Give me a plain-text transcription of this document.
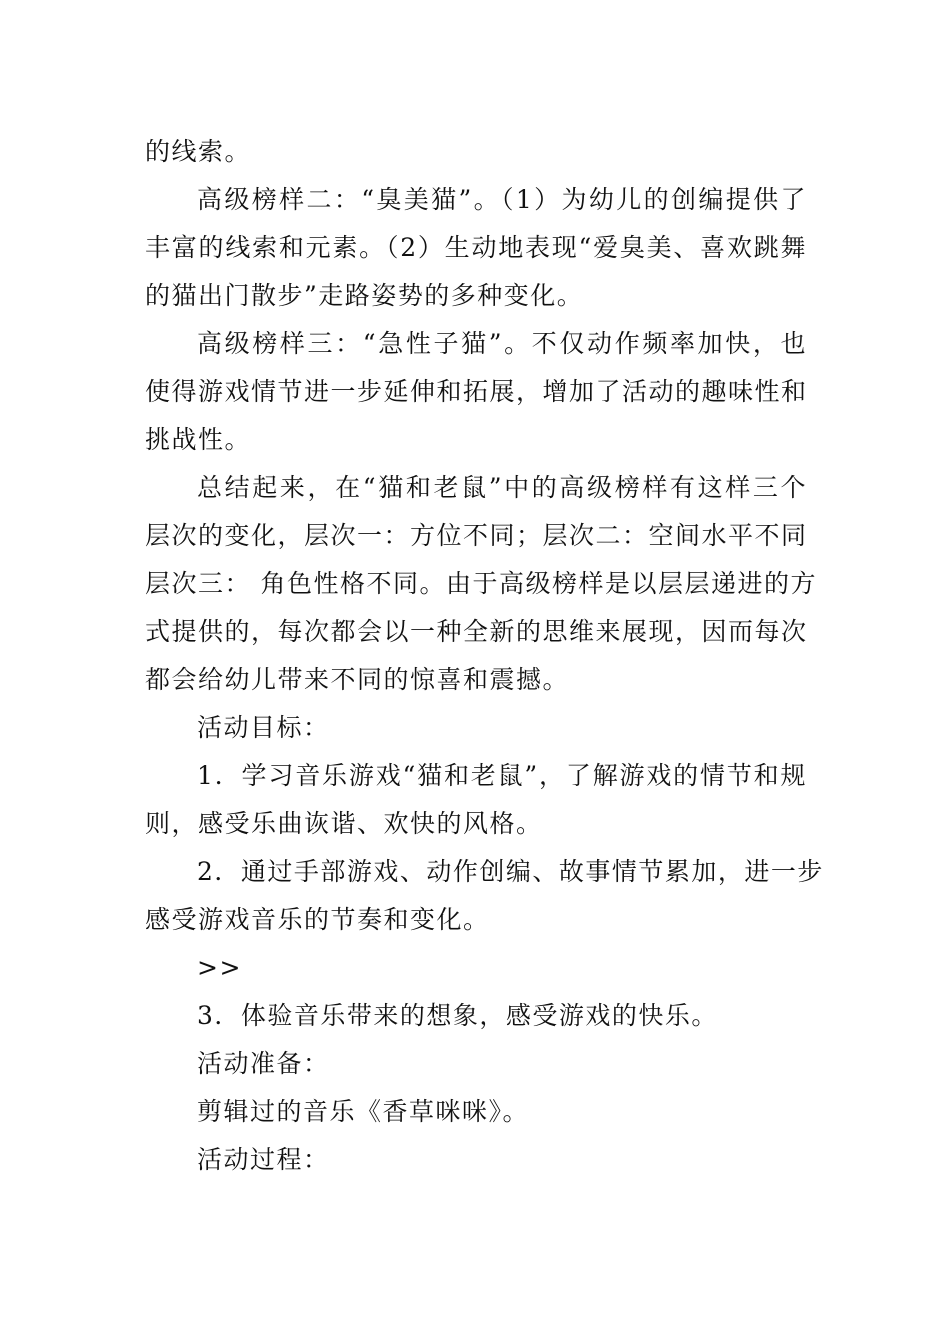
的线索。
高级榜样二：“臭美猫”。（1）为幼儿的创编提供了
丰富的线索和元素。（2）生动地表现“爱臭美、喜欢跳舞
的猫出门散步”走路姿势的多种变化。
高级榜样三：“急性子猫”。不仅动作频率加快，也
使得游戏情节进一步延伸和拓展，增加了活动的趣味性和
挑战性。
总结起来，在“猫和老鼠”中的高级榜样有这样三个
层次的变化，层次一：方位不同；层次二：空间水平不同
层次三： 角色性格不同。由于高级榜样是以层层递进的方
式提供的，每次都会以一种全新的思维来展现，因而每次
都会给幼儿带来不同的惊喜和震撼。
活动目标：
1．学习音乐游戏“猫和老鼠”，了解游戏的情节和规
则，感受乐曲诙谐、欢快的风格。
2．通过手部游戏、动作创编、故事情节累加，进一步
感受游戏音乐的节奏和变化。
>>
3．体验音乐带来的想象，感受游戏的快乐。
活动准备：
剪辑过的音乐《香草咪咪》。
活动过程：
